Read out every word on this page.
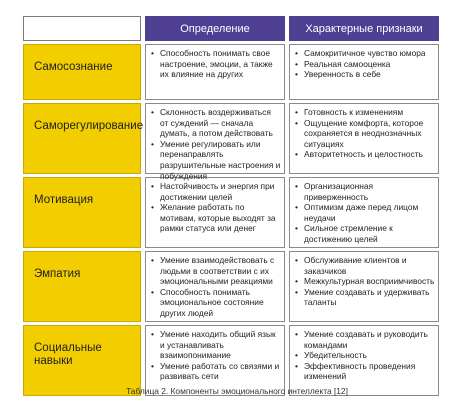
Определение	Характерные признаки
Самосознание
• Способность понимать свое настроение, эмоции, а также их влияние на других
• Самокритичное чувство юмора
• Реальная самооценка
• Уверенность в себе
Саморегулирование
• Склонность воздерживаться от суждений — сначала думать, а потом действовать
• Умение регулировать или перенаправлять разрушительные настроения и побуждения
• Готовность к изменениям
• Ощущение комфорта, которое сохраняется в неоднозначных ситуациях
• Авторитетность и целостность
Мотивация
• Настойчивость и энергия при достижении целей
• Желание работать по мотивам, которые выходят за рамки статуса или денег
• Организационная приверженность
• Оптимизм даже перед лицом неудачи
• Сильное стремление к достижению целей
Эмпатия
• Умение взаимодействовать с людьми в соответствии с их эмоциональными реакциями
• Способность понимать эмоциональное состояние других людей
• Обслуживание клиентов и заказчиков
• Межкультурная восприимчивость
• Умение создавать и удерживать таланты
Социальные навыки
• Умение находить общий язык и устанавливать взаимопонимание
• Умение работать со связями и развивать сети
• Умение создавать и руководить командами
• Убедительность
• Эффективность проведения изменений
Таблица 2. Компоненты эмоционального интеллекта [12]
